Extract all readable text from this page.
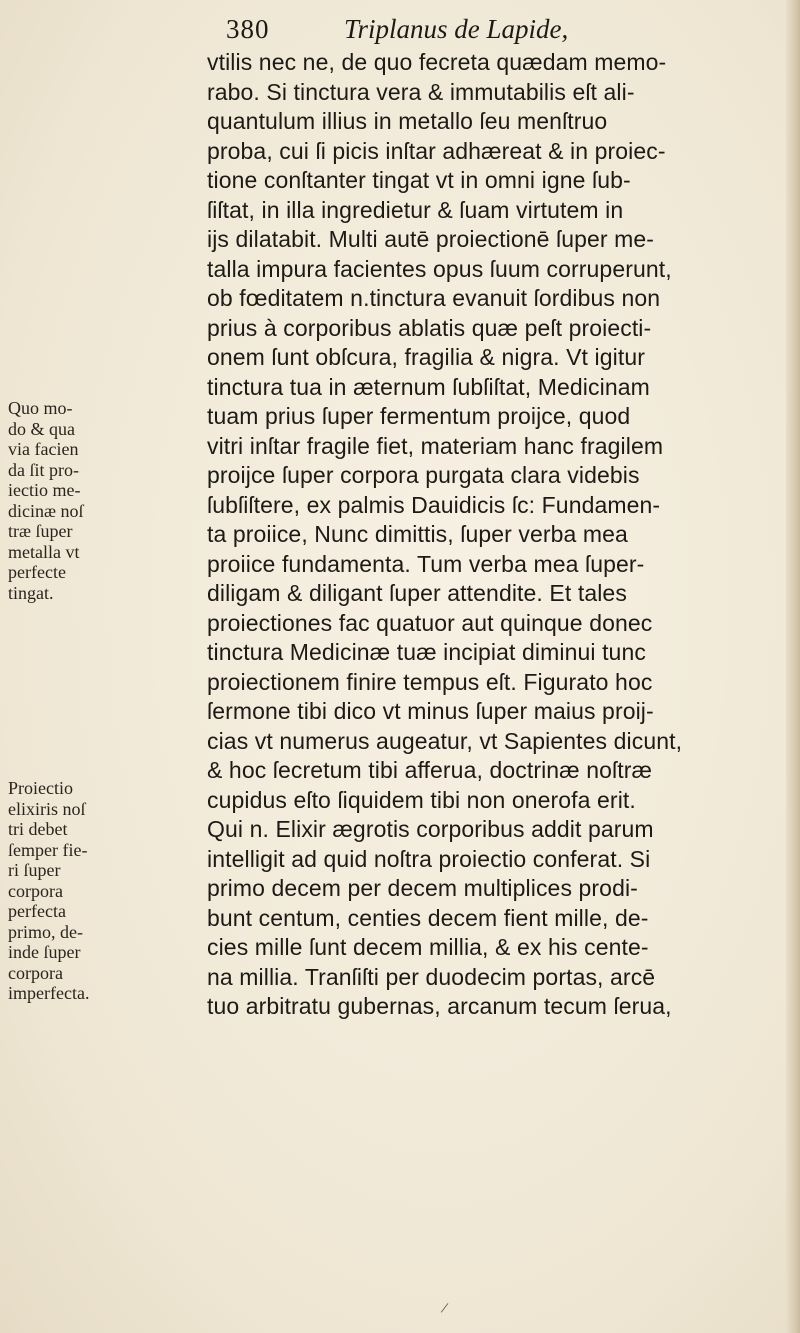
380	Triplanus de Lapide,
Quo mo-
do & qua
via facien
da ſit pro-
iectio me-
dicinæ noſ
træ ſuper
metalla vt
perfecte
tingat.
Proiectio
elixiris noſ
tri debet
ſemper fie-
ri ſuper
corpora
perfecta
primo, de-
inde ſuper
corpora
imperfecta.
vtilis nec ne, de quo fecreta quædam memo-
rabo. Si tinctura vera & immutabilis eſt ali-
quantulum illius in metallo ſeu menſtruo
proba, cui ſi picis inſtar adhæreat & in proiec-
tione conſtanter tingat vt in omni igne ſub-
ſiſtat, in illa ingredietur & ſuam virtutem in
ijs dilatabit. Multi autē proiectionē ſuper me-
talla impura facientes opus ſuum corruperunt,
ob fœditatem n.tinctura evanuit ſordibus non
prius à corporibus ablatis quæ peſt proiecti-
onem ſunt obſcura, fragilia & nigra. Vt igitur
tinctura tua in æternum ſubſiſtat, Medicinam
tuam prius ſuper fermentum proijce, quod
vitri inſtar fragile fiet, materiam hanc fragilem
proijce ſuper corpora purgata clara videbis
ſubſiſtere, ex palmis Dauidicis ſc: Fundamen-
ta proiice, Nunc dimittis, ſuper verba mea
proiice fundamenta. Tum verba mea ſuper-
diligam & diligant ſuper attendite. Et tales
proiectiones fac quatuor aut quinque donec
tinctura Medicinæ tuæ incipiat diminui tunc
proiectionem finire tempus eſt. Figurato hoc
ſermone tibi dico vt minus ſuper maius proij-
cias vt numerus augeatur, vt Sapientes dicunt,
& hoc ſecretum tibi afferua, doctrinæ noſtræ
cupidus eſto ſiquidem tibi non onerofa erit.
Qui n. Elixir ægrotis corporibus addit parum
intelligit ad quid noſtra proiectio conferat. Si
primo decem per decem multiplices prodi-
bunt centum, centies decem fient mille, de-
cies mille ſunt decem millia, & ex his cente-
na millia. Tranſiſti per duodecim portas, arcē
tuo arbitratu gubernas, arcanum tecum ſerua,
/
